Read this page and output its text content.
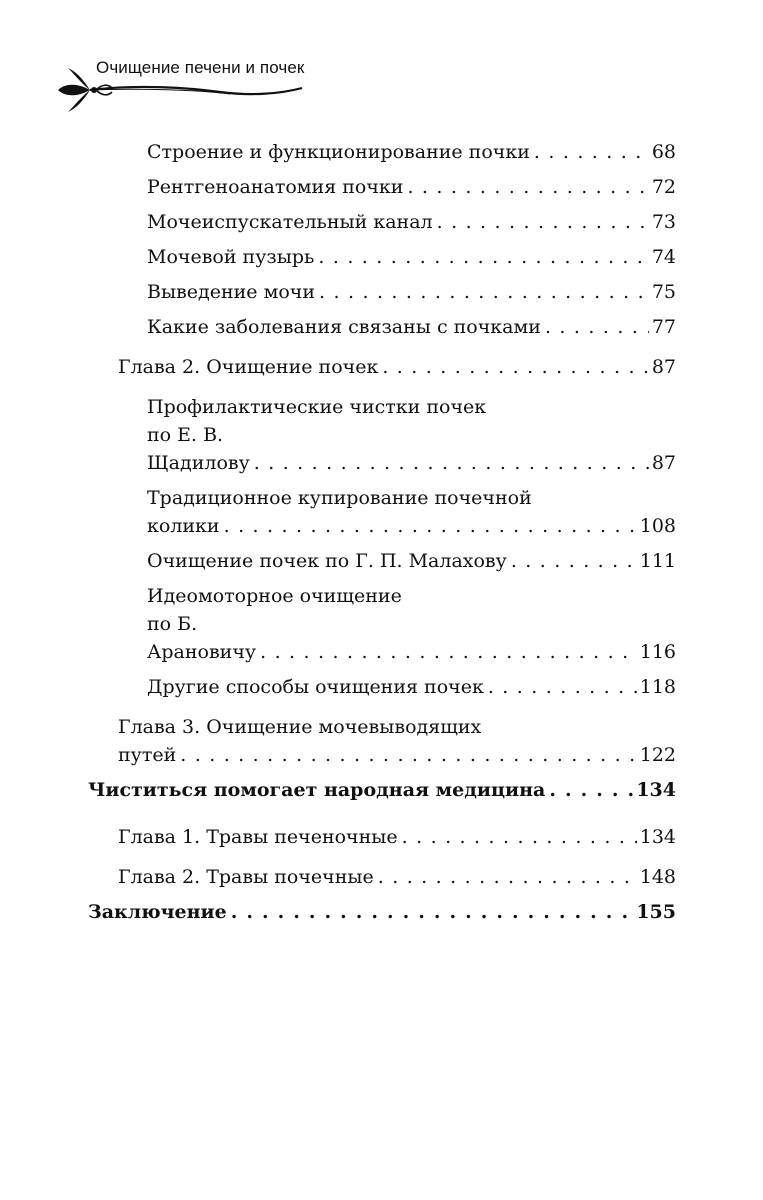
Очищение печени и почек
Строение и функционирование почки . . .	68
Рентгеноанатомия почки . . .	72
Мочеиспускательный канал . . .	73
Мочевой пузырь . . .	74
Выведение мочи . . .	75
Какие заболевания связаны с почками . . .	77
Глава 2. Очищение почек . . .	87
Профилактические чистки почек
по Е. В. Щадилову . . .	87
Традиционное купирование почечной
колики . . .	108
Очищение почек по Г. П. Малахову . . .	111
Идеомоторное очищение
по Б. Арановичу . . .	116
Другие способы очищения почек . . .	118
Глава 3. Очищение мочевыводящих
путей . . .	122
Чиститься помогает народная медицина . . .	134
Глава 1. Травы печеночные . . .	134
Глава 2. Травы почечные . . .	148
Заключение . . .	155
